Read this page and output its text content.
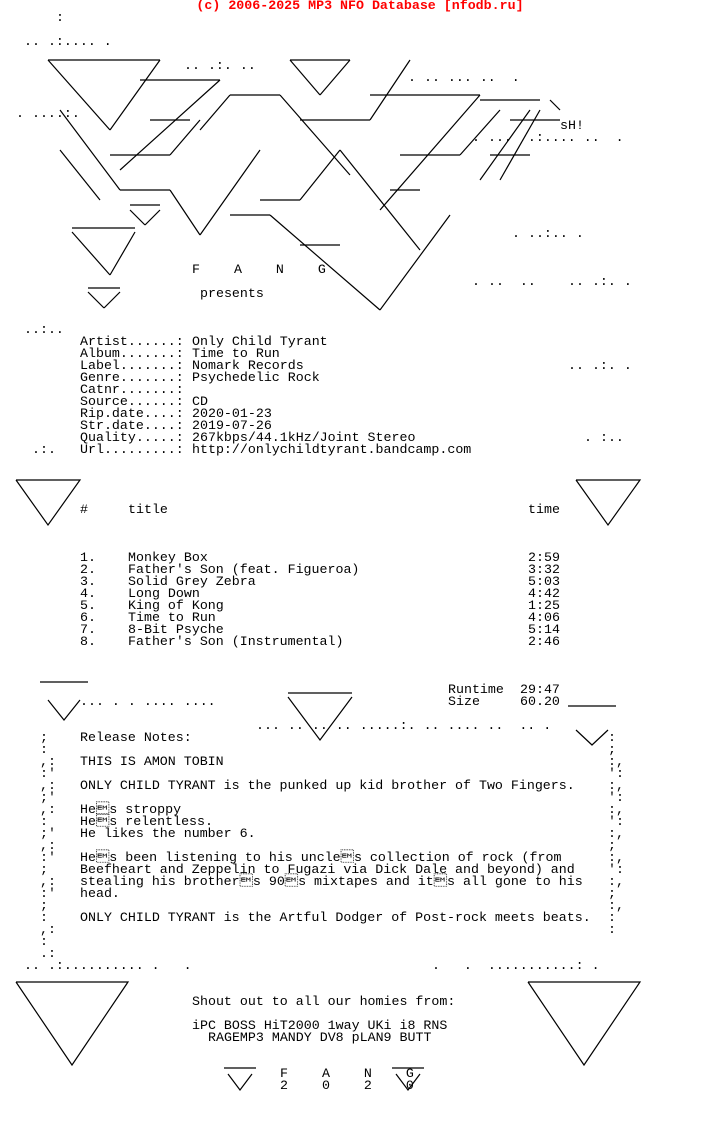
(c) 2006-2025 MP3 NFO Database [nfodb.ru]
:
.. .:.... .
.. .:. ..
. ....:.
. .. ... ..  .
. ...  .:.... ..  .
. ..:.. .
. ..  .. .. .:. .
..:..
.. .:. .
.:.
. :..
... . . .... ....
... .. .. .. .....:. .. .... ..  .. .
.. .:.......... .   .	.   .  ...........: .
sH!
F A N G
presents
Artist......: Only Child Tyrant
Album.......: Time to Run
Label.......: Nomark Records
Genre.......: Psychedelic Rock
Catnr.......:
Source......: CD
Rip.date....: 2020-01-23
Str.date....: 2019-07-26
Quality.....: 267kbps/44.1kHz/Joint Stereo
Url.........: http://onlychildtyrant.bandcamp.com
#	title	time
1. Monkey Box	2:59
2. Father's Son (feat. Figueroa)	3:32
3. Solid Grey Zebra	5:03
4. Long Down	4:42
5. King of Kong	1:25
6. Time to Run	4:06
7. 8-Bit Psyche	5:14
8. Father's Son (Instrumental)	2:46
Runtime 29:47
Size	60.20
Release Notes:
THIS IS AMON TOBIN
ONLY CHILD TYRANT is the punked up kid brother of Two Fingers.
Hes stroppy
Hes relentless.
He likes the number 6.
Hes been listening to his uncles collection of rock (from
Beefheart and Zeppelin to Fugazi via Dick Dale and beyond) and
stealing his brothers 90s mixtapes and its all gone to his
head.
ONLY CHILD TYRANT is the Artful Dodger of Post-rock meets beats.
;
:
,:
:'
,:
;'
,:
:
;'
,:
:'
;
,:
:'
;
:
,:
:
.:
:
;
:,
':
:,
':
:,
':
:,
;
:,
':
:,
;
:,
:
:
Shout out to all our homies from:
iPC BOSS HiT2000 1way UKi i8 RNS
RAGEMP3 MANDY DV8 pLAN9 BUTT
F A N G
2 0 2 0
